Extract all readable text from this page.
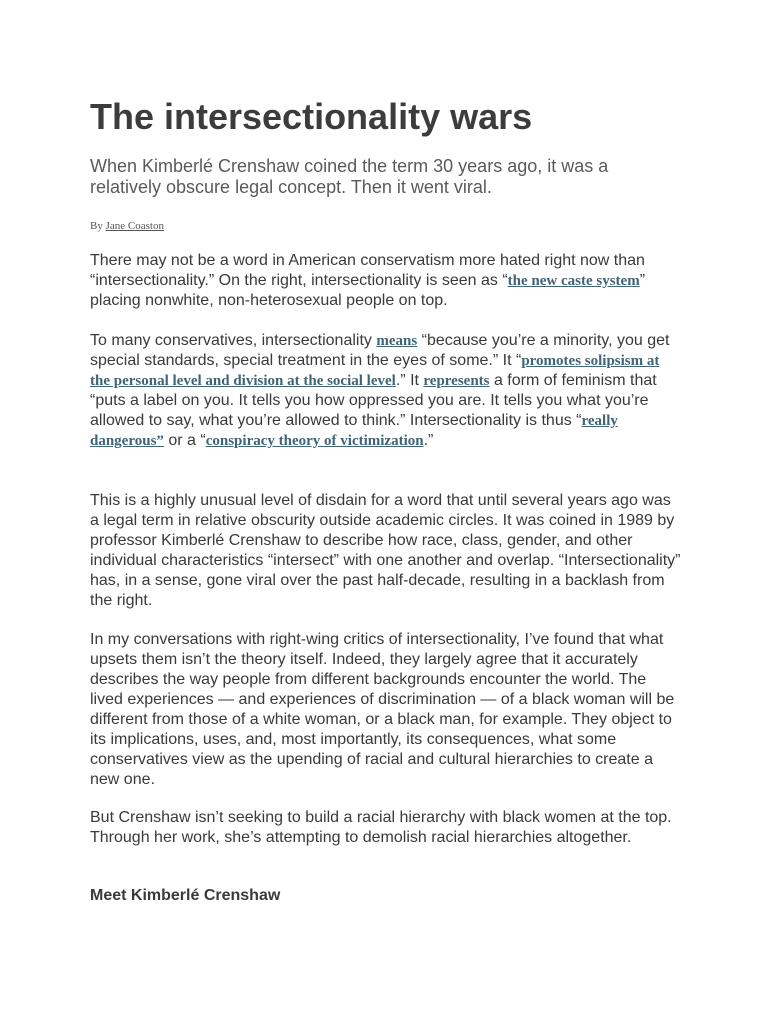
The intersectionality wars

When Kimberlé Crenshaw coined the term 30 years ago, it was a relatively obscure legal concept. Then it went viral.

By Jane Coaston

There may not be a word in American conservatism more hated right now than “intersectionality.” On the right, intersectionality is seen as “the new caste system” placing nonwhite, non-heterosexual people on top.

To many conservatives, intersectionality means “because you’re a minority, you get special standards, special treatment in the eyes of some.” It “promotes solipsism at the personal level and division at the social level.” It represents a form of feminism that “puts a label on you. It tells you how oppressed you are. It tells you what you’re allowed to say, what you’re allowed to think.” Intersectionality is thus “really dangerous” or a “conspiracy theory of victimization.”

This is a highly unusual level of disdain for a word that until several years ago was a legal term in relative obscurity outside academic circles. It was coined in 1989 by professor Kimberlé Crenshaw to describe how race, class, gender, and other individual characteristics “intersect” with one another and overlap. “Intersectionality” has, in a sense, gone viral over the past half-decade, resulting in a backlash from the right.

In my conversations with right-wing critics of intersectionality, I’ve found that what upsets them isn’t the theory itself. Indeed, they largely agree that it accurately describes the way people from different backgrounds encounter the world. The lived experiences — and experiences of discrimination — of a black woman will be different from those of a white woman, or a black man, for example. They object to its implications, uses, and, most importantly, its consequences, what some conservatives view as the upending of racial and cultural hierarchies to create a new one.

But Crenshaw isn’t seeking to build a racial hierarchy with black women at the top. Through her work, she’s attempting to demolish racial hierarchies altogether.

Meet Kimberlé Crenshaw
